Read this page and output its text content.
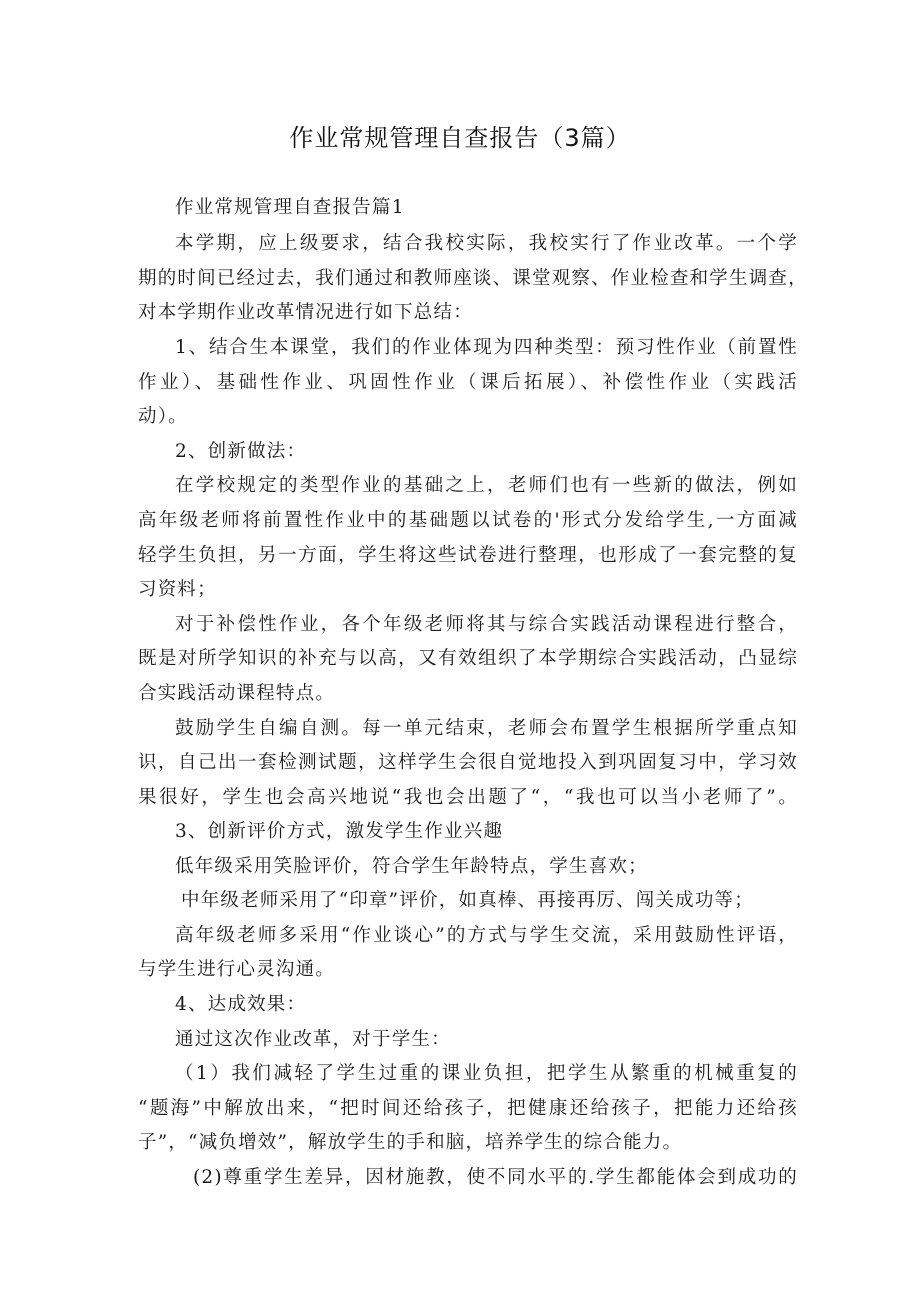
作业常规管理自查报告（3篇）
作业常规管理自查报告篇1
本学期，应上级要求，结合我校实际，我校实行了作业改革。一个学
期的时间已经过去，我们通过和教师座谈、课堂观察、作业检查和学生调查，
对本学期作业改革情况进行如下总结：
1、结合生本课堂，我们的作业体现为四种类型：预习性作业（前置性
作业）、基础性作业、巩固性作业（课后拓展）、补偿性作业（实践活
动）。
2、创新做法：
在学校规定的类型作业的基础之上，老师们也有一些新的做法，例如
高年级老师将前置性作业中的基础题以试卷的'形式分发给学生,一方面减
轻学生负担，另一方面，学生将这些试卷进行整理，也形成了一套完整的复
习资料；
对于补偿性作业，各个年级老师将其与综合实践活动课程进行整合，
既是对所学知识的补充与以高，又有效组织了本学期综合实践活动，凸显综
合实践活动课程特点。
鼓励学生自编自测。每一单元结束，老师会布置学生根据所学重点知
识，自己出一套检测试题，这样学生会很自觉地投入到巩固复习中，学习效
果很好，学生也会高兴地说“我也会出题了“，“我也可以当小老师了”。
3、创新评价方式，激发学生作业兴趣
低年级采用笑脸评价，符合学生年龄特点，学生喜欢；
中年级老师采用了“印章”评价，如真棒、再接再厉、闯关成功等；
高年级老师多采用“作业谈心”的方式与学生交流，采用鼓励性评语，
与学生进行心灵沟通。
4、达成效果：
通过这次作业改革，对于学生：
（1）我们减轻了学生过重的课业负担，把学生从繁重的机械重复的
“题海”中解放出来，“把时间还给孩子，把健康还给孩子，把能力还给孩
子”，“减负增效”，解放学生的手和脑，培养学生的综合能力。
(2)尊重学生差异，因材施教，使不同水平的.学生都能体会到成功的
